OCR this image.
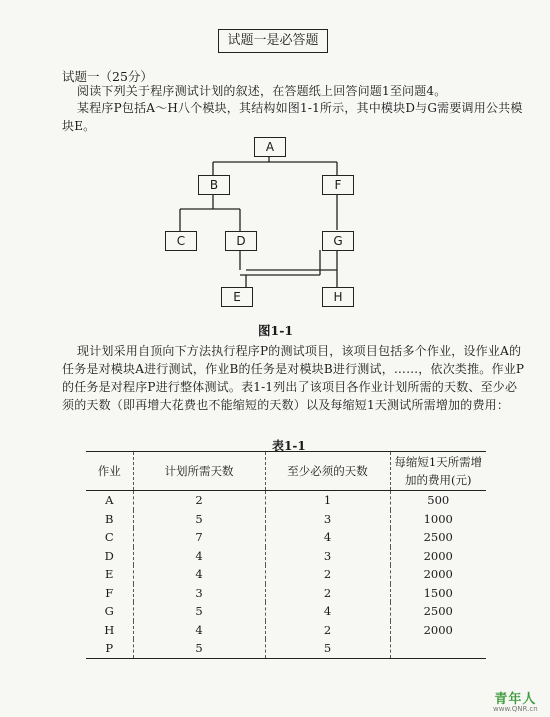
试题一是必答题
试题一（25分）
阅读下列关于程序测试计划的叙述，在答题纸上回答问题1至问题4。
某程序P包括A～H八个模块，其结构如图1-1所示，其中模块D与G需要调用公共模块E。
A
B	F
C	D	G
E	H
图1-1
现计划采用自顶向下方法执行程序P的测试项目，该项目包括多个作业，设作业A的任务是对模块A进行测试，作业B的任务是对模块B进行测试，……，依次类推。作业P的任务是对程序P进行整体测试。表1-1列出了该项目各作业计划所需的天数、至少必须的天数（即再增大花费也不能缩短的天数）以及每缩短1天测试所需增加的费用：
表1-1
作业	计划所需天数	至少必须的天数	每缩短1天所需增加的费用(元)
A	2	1	500
B	5	3	1000
C	7	4	2500
D	4	3	2000
E	4	2	2000
F	3	2	1500
G	5	4	2500
H	4	2	2000
P	5	5	
青年人
www.QNR.cn
